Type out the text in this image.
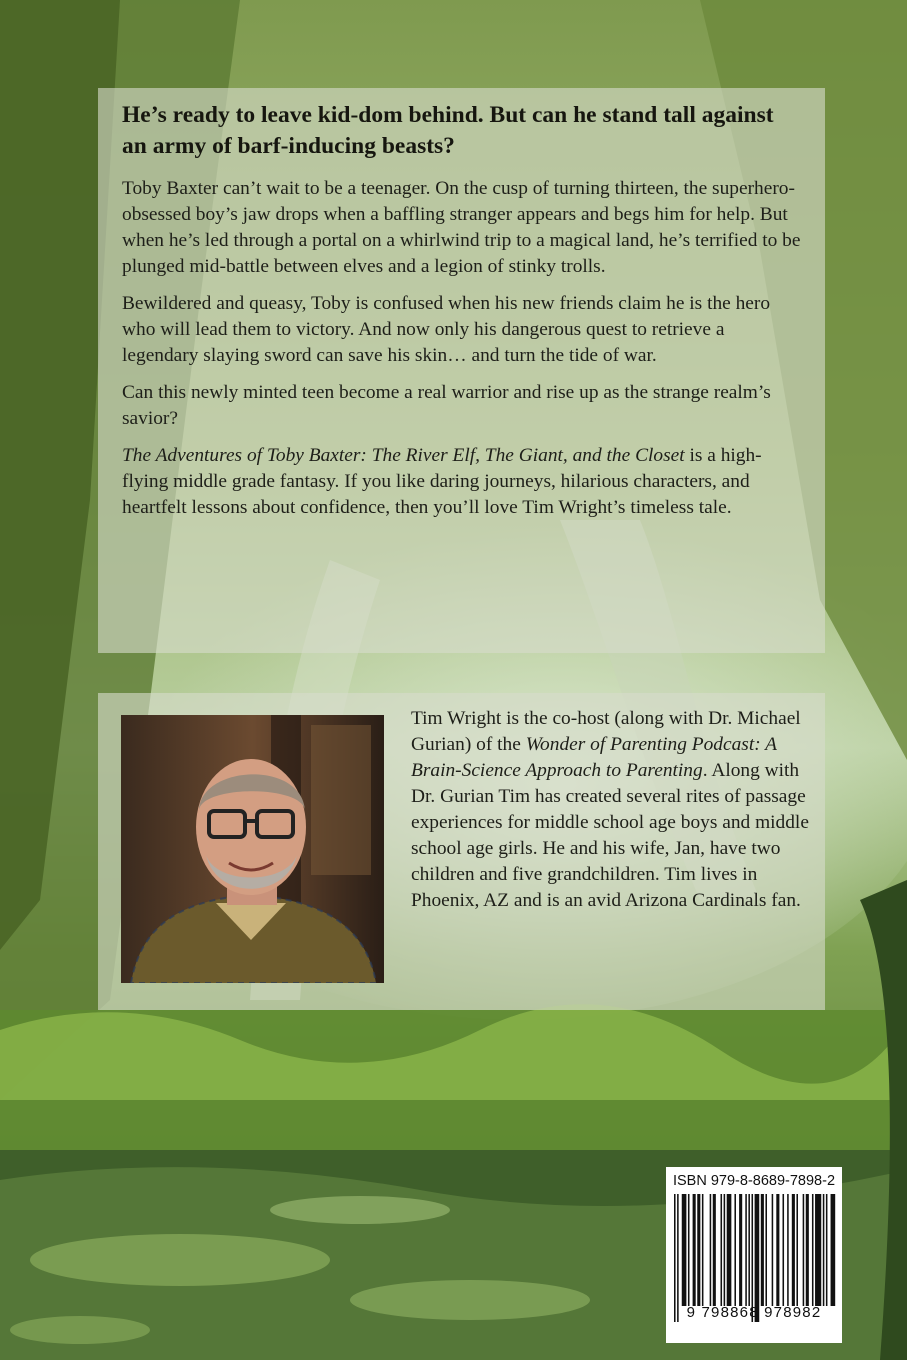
He’s ready to leave kid-dom behind. But can he stand tall against an army of barf-inducing beasts?

Toby Baxter can’t wait to be a teenager. On the cusp of turning thirteen, the superhero-obsessed boy’s jaw drops when a baffling stranger appears and begs him for help. But when he’s led through a portal on a whirlwind trip to a magical land, he’s terrified to be plunged mid-battle between elves and a legion of stinky trolls.

Bewildered and queasy, Toby is confused when his new friends claim he is the hero who will lead them to victory. And now only his dangerous quest to retrieve a legendary slaying sword can save his skin… and turn the tide of war.

Can this newly minted teen become a real warrior and rise up as the strange realm’s savior?

The Adventures of Toby Baxter: The River Elf, The Giant, and the Closet is a high-flying middle grade fantasy. If you like daring journeys, hilarious characters, and heartfelt lessons about confidence, then you’ll love Tim Wright’s timeless tale.

Tim Wright is the co-host (along with Dr. Michael Gurian) of the Wonder of Parenting Podcast: A Brain-Science Approach to Parenting. Along with Dr. Gurian Tim has created several rites of passage experiences for middle school age boys and middle school age girls. He and his wife, Jan, have two children and five grandchildren. Tim lives in Phoenix, AZ and is an avid Arizona Cardinals fan.
ISBN 979-8-8689-7898-2
9 798868 978982
